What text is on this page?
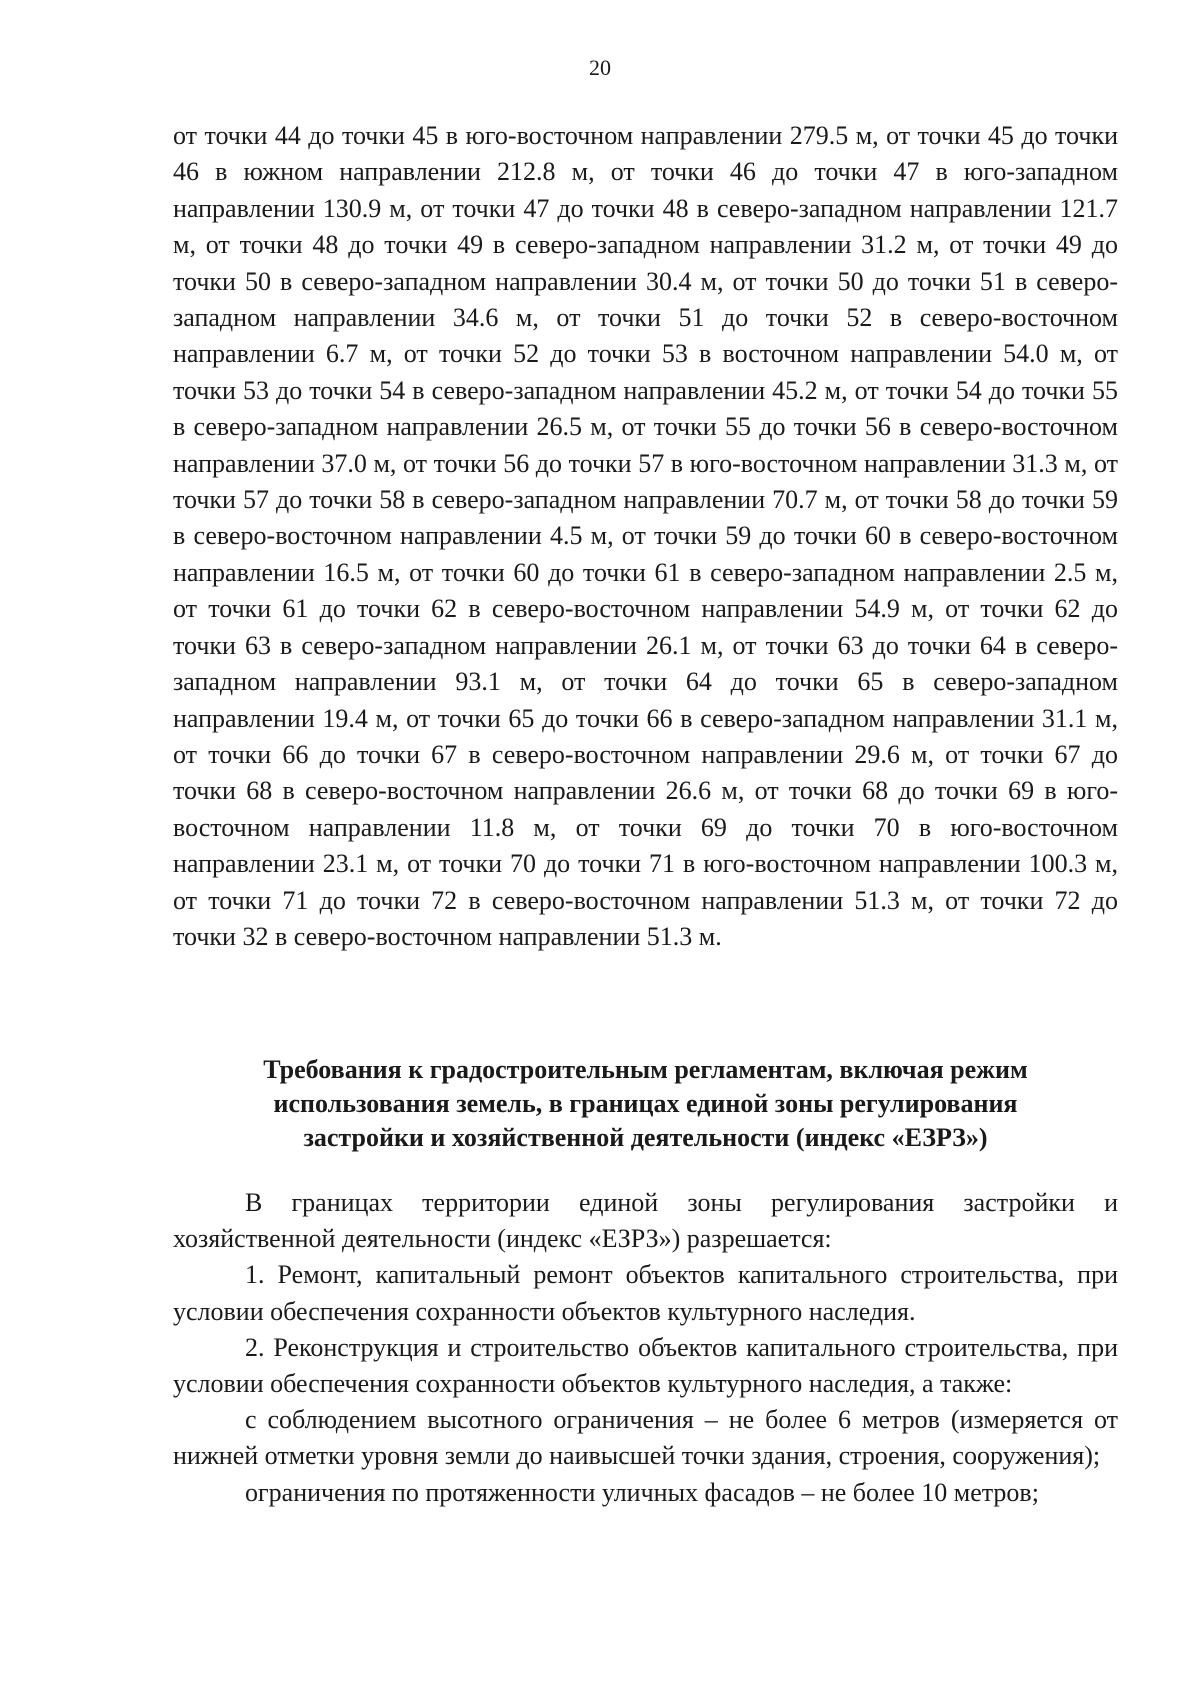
20

от точки 44 до точки 45 в юго-восточном направлении 279.5 м, от точки 45 до точки 46 в южном направлении 212.8 м, от точки 46 до точки 47 в юго-западном направлении 130.9 м, от точки 47 до точки 48 в северо-западном направлении 121.7 м, от точки 48 до точки 49 в северо-западном направлении 31.2 м, от точки 49 до точки 50 в северо-западном направлении 30.4 м, от точки 50 до точки 51 в северо-западном направлении 34.6 м, от точки 51 до точки 52 в северо-восточном направлении 6.7 м, от точки 52 до точки 53 в восточном направлении 54.0 м, от точки 53 до точки 54 в северо-западном направлении 45.2 м, от точки 54 до точки 55 в северо-западном направлении 26.5 м, от точки 55 до точки 56 в северо-восточном направлении 37.0 м, от точки 56 до точки 57 в юго-восточном направлении 31.3 м, от точки 57 до точки 58 в северо-западном направлении 70.7 м, от точки 58 до точки 59 в северо-восточном направлении 4.5 м, от точки 59 до точки 60 в северо-восточном направлении 16.5 м, от точки 60 до точки 61 в северо-западном направлении 2.5 м, от точки 61 до точки 62 в северо-восточном направлении 54.9 м, от точки 62 до точки 63 в северо-западном направлении 26.1 м, от точки 63 до точки 64 в северо-западном направлении 93.1 м, от точки 64 до точки 65 в северо-западном направлении 19.4 м, от точки 65 до точки 66 в северо-западном направлении 31.1 м, от точки 66 до точки 67 в северо-восточном направлении 29.6 м, от точки 67 до точки 68 в северо-восточном направлении 26.6 м, от точки 68 до точки 69 в юго-восточном направлении 11.8 м, от точки 69 до точки 70 в юго-восточном направлении 23.1 м, от точки 70 до точки 71 в юго-восточном направлении 100.3 м, от точки 71 до точки 72 в северо-восточном направлении 51.3 м, от точки 72 до точки 32 в северо-восточном направлении 51.3 м.

Требования к градостроительным регламентам, включая режим
использования земель, в границах единой зоны регулирования
застройки и хозяйственной деятельности (индекс «ЕЗРЗ»)

В границах территории единой зоны регулирования застройки и хозяйственной деятельности (индекс «ЕЗРЗ») разрешается:

1. Ремонт, капитальный ремонт объектов капитального строительства, при условии обеспечения сохранности объектов культурного наследия.

2. Реконструкция и строительство объектов капитального строительства, при условии обеспечения сохранности объектов культурного наследия, а также:

с соблюдением высотного ограничения – не более 6 метров (измеряется от нижней отметки уровня земли до наивысшей точки здания, строения, сооружения);

ограничения по протяженности уличных фасадов – не более 10 метров;
